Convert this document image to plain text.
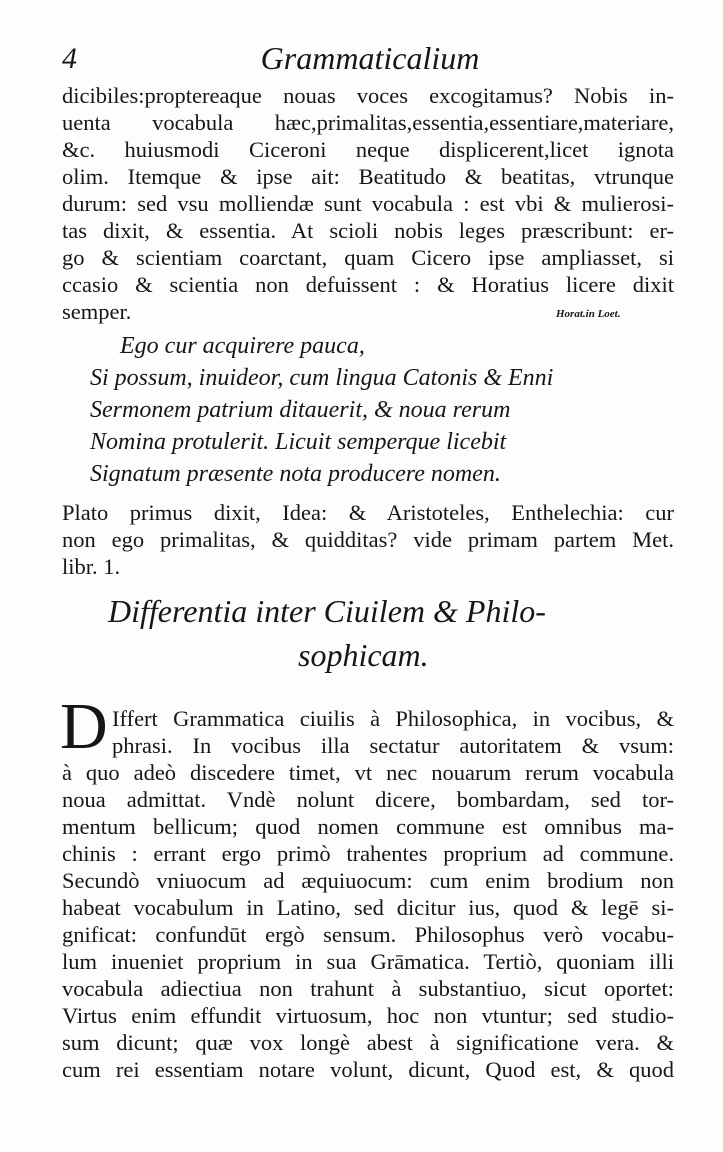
4	Grammaticalium
dicibiles:proptereaque nouas voces excogitamus? Nobis in-
uenta vocabula hæc,primalitas,essentia,essentiare,materiare,
&c. huiusmodi Ciceroni neque displicerent,licet ignota
olim. Itemque & ipse ait: Beatitudo & beatitas, vtrunque
durum: sed vsu molliendæ sunt vocabula : est vbi & mulierosi-
tas dixit, & essentia. At scioli nobis leges præscribunt: er-
go & scientiam coarctant, quam Cicero ipse ampliasset, si
ccasio & scientia non defuissent : & Horatius licere dixit
semper.	Horat.in Loet.
Ego cur acquirere pauca,
Si possum, inuideor, cum lingua Catonis & Enni
Sermonem patrium ditauerit, & noua rerum
Nomina protulerit. Licuit semperque licebit
Signatum præsente nota producere nomen.
Plato primus dixit, Idea: & Aristoteles, Enthelechia: cur
non ego primalitas, & quidditas? vide primam partem Met.
libr. 1.
Differentia inter Ciuilem & Philo-
sophicam.
D Iffert Grammatica ciuilis à Philosophica, in vocibus, &
phrasi. In vocibus illa sectatur autoritatem & vsum:
à quo adeò discedere timet, vt nec nouarum rerum vocabula
noua admittat. Vndè nolunt dicere, bombardam, sed tor-
mentum bellicum; quod nomen commune est omnibus ma-
chinis : errant ergo primò trahentes proprium ad commune.
Secundò vniuocum ad æquiuocum: cum enim brodium non
habeat vocabulum in Latino, sed dicitur ius, quod & legē si-
gnificat: confundūt ergò sensum. Philosophus verò vocabu-
lum inueniet proprium in sua Grāmatica. Tertiò, quoniam illi
vocabula adiectiua non trahunt à substantiuo, sicut oportet:
Virtus enim effundit virtuosum, hoc non vtuntur; sed studio-
sum dicunt; quæ vox longè abest à significatione vera. &
cum rei essentiam notare volunt, dicunt, Quod est, & quod
